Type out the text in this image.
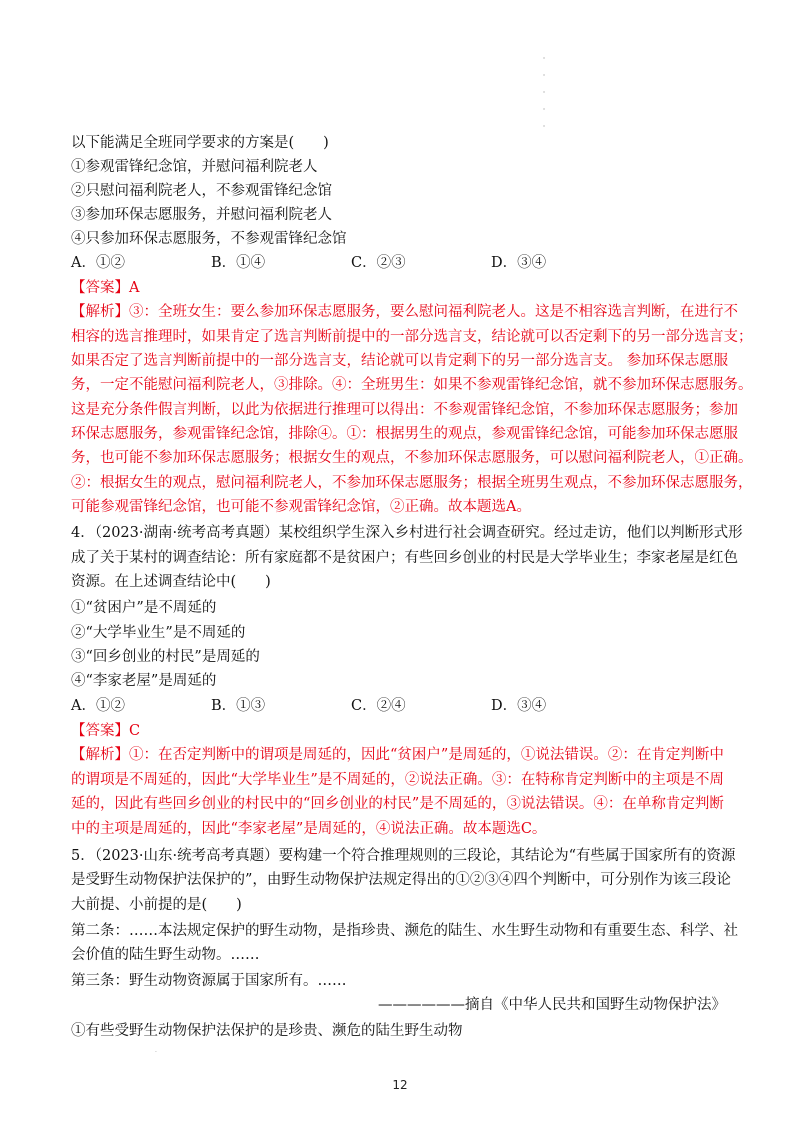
·
·
·
·
·
以下能满足全班同学要求的方案是(　　)
①参观雷锋纪念馆，并慰问福利院老人
②只慰问福利院老人，不参观雷锋纪念馆
③参加环保志愿服务，并慰问福利院老人
④只参加环保志愿服务，不参观雷锋纪念馆
A．①②	B．①④	C．②③	D．③④
【答案】A
【解析】③：全班女生：要么参加环保志愿服务，要么慰问福利院老人。这是不相容选言判断，在进行不
相容的选言推理时，如果肯定了选言判断前提中的一部分选言支，结论就可以否定剩下的另一部分选言支；
如果否定了选言判断前提中的一部分选言支，结论就可以肯定剩下的另一部分选言支。 参加环保志愿服
务，一定不能慰问福利院老人，③排除。④：全班男生：如果不参观雷锋纪念馆，就不参加环保志愿服务。
这是充分条件假言判断，以此为依据进行推理可以得出：不参观雷锋纪念馆，不参加环保志愿服务；参加
环保志愿服务，参观雷锋纪念馆，排除④。①：根据男生的观点，参观雷锋纪念馆，可能参加环保志愿服
务，也可能不参加环保志愿服务；根据女生的观点，不参加环保志愿服务，可以慰问福利院老人，①正确。
②：根据女生的观点，慰问福利院老人，不参加环保志愿服务；根据全班男生观点，不参加环保志愿服务，
可能参观雷锋纪念馆，也可能不参观雷锋纪念馆，②正确。故本题选A。
4．（2023·湖南·统考高考真题）某校组织学生深入乡村进行社会调查研究。经过走访，他们以判断形式形
成了关于某村的调查结论：所有家庭都不是贫困户；有些回乡创业的村民是大学毕业生；李家老屋是红色
资源。在上述调查结论中(　　)
①“贫困户”是不周延的
②“大学毕业生”是不周延的
③“回乡创业的村民”是周延的
④“李家老屋”是周延的
A．①②	B．①③	C．②④	D．③④
【答案】C
【解析】①：在否定判断中的谓项是周延的，因此“贫困户”是周延的，①说法错误。②：在肯定判断中
的谓项是不周延的，因此“大学毕业生”是不周延的，②说法正确。③：在特称肯定判断中的主项是不周
延的，因此有些回乡创业的村民中的“回乡创业的村民”是不周延的，③说法错误。④：在单称肯定判断
中的主项是周延的，因此“李家老屋”是周延的，④说法正确。故本题选C。
5．（2023·山东·统考高考真题）要构建一个符合推理规则的三段论，其结论为“有些属于国家所有的资源
是受野生动物保护法保护的”，由野生动物保护法规定得出的①②③④四个判断中，可分别作为该三段论
大前提、小前提的是(　　)
第二条：……本法规定保护的野生动物，是指珍贵、濒危的陆生、水生野生动物和有重要生态、科学、社
会价值的陆生野生动物。……
第三条：野生动物资源属于国家所有。……
——————摘自《中华人民共和国野生动物保护法》
①有些受野生动物保护法保护的是珍贵、濒危的陆生野生动物
·
12
